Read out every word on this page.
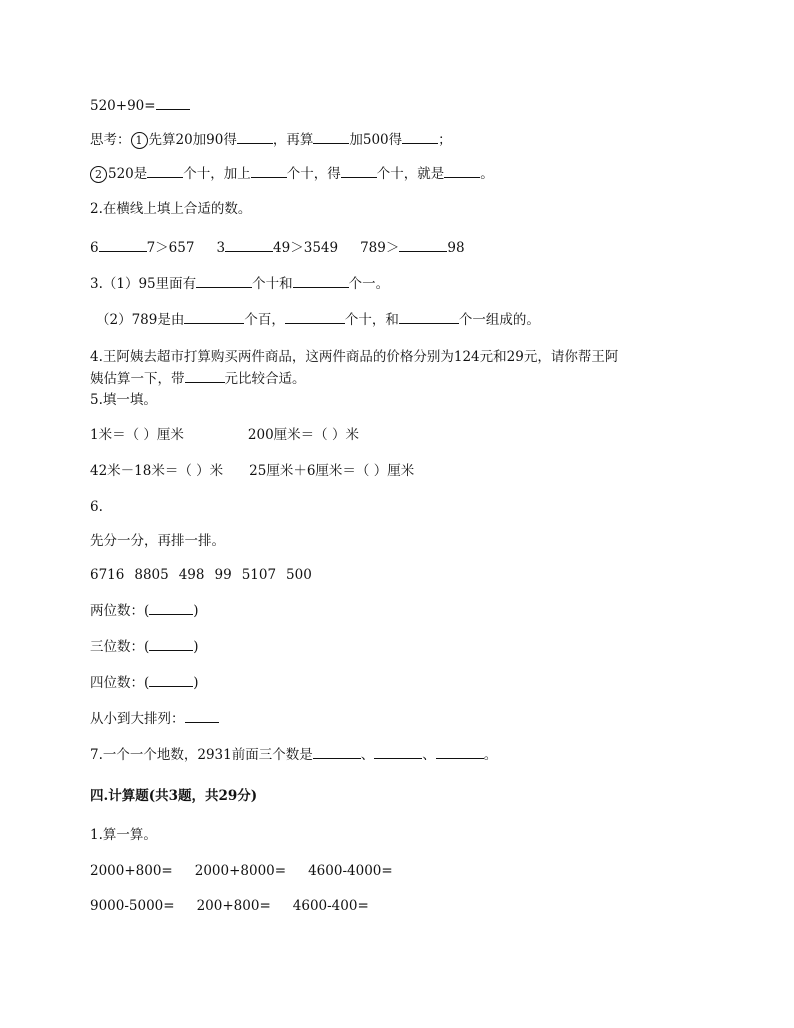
520+90=
思考： 1 先算20加90得	，再算	加500得	；
2 520是	个十，加上	个十，得	个十，就是	。
2.在横线上填上合适的数。
6	7＞657 3	49＞3549 789＞	98
3.（1）95里面有	个十和	个一。
（2）789是由	个百，	个十，和	个一组成的。
4.王阿姨去超市打算购买两件商品，这两件商品的价格分别为124元和29元，请你帮王阿
姨估算一下，带	元比较合适。
5.填一填。
1米＝（ ）厘米	200厘米＝（ ）米
42米－18米＝（ ）米 25厘米＋6厘米＝（ ）厘米
6.
先分一分，再排一排。
6716 8805 498 99 5107 500
两位数：(	)
三位数：(	)
四位数：(	)
从小到大排列：
7.一个一个地数，2931前面三个数是	、	、	。
四.计算题(共3题，共29分)
1.算一算。
2000+800= 2000+8000= 4600-4000=
9000-5000= 200+800= 4600-400=
